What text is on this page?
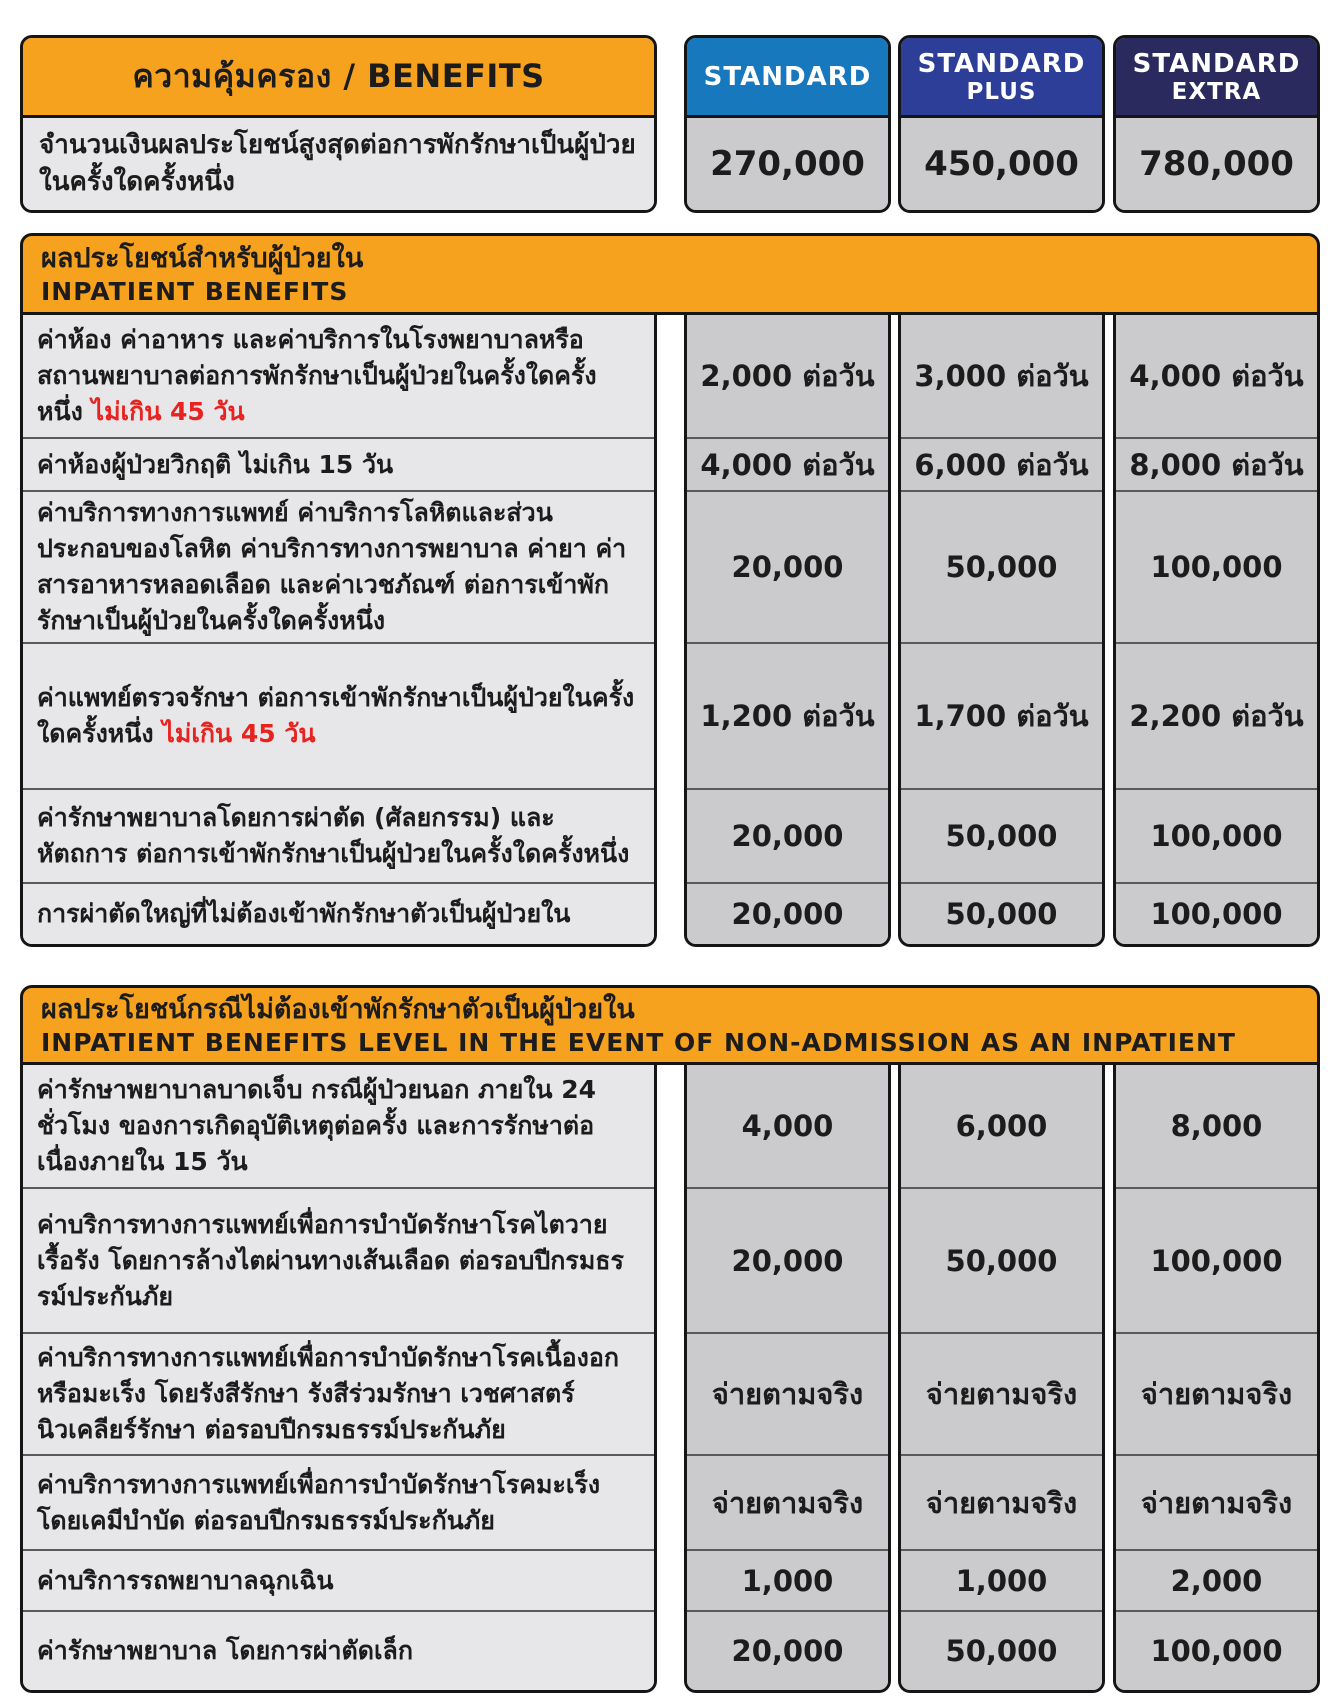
ความคุ้มครอง / BENEFITS
จำนวนเงินผลประโยชน์สูงสุดต่อการพักรักษาเป็นผู้ป่วยในครั้งใดครั้งหนึ่ง
STANDARD
270,000
STANDARD
PLUS
450,000
STANDARD
EXTRA
780,000
ผลประโยชน์สำหรับผู้ป่วยใน
INPATIENT BENEFITS
ค่าห้อง ค่าอาหาร และค่าบริการในโรงพยาบาลหรือสถานพยาบาลต่อการพักรักษาเป็นผู้ป่วยในครั้งใดครั้งหนึ่ง ไม่เกิน 45 วัน
ค่าห้องผู้ป่วยวิกฤติ ไม่เกิน 15 วัน
ค่าบริการทางการแพทย์ ค่าบริการโลหิตและส่วนประกอบของโลหิต ค่าบริการทางการพยาบาล ค่ายา ค่าสารอาหารหลอดเลือด และค่าเวชภัณฑ์ ต่อการเข้าพักรักษาเป็นผู้ป่วยในครั้งใดครั้งหนึ่ง
ค่าแพทย์ตรวจรักษา ต่อการเข้าพักรักษาเป็นผู้ป่วยในครั้งใดครั้งหนึ่ง ไม่เกิน 45 วัน
ค่ารักษาพยาบาลโดยการผ่าตัด (ศัลยกรรม) และหัตถการ ต่อการเข้าพักรักษาเป็นผู้ป่วยในครั้งใดครั้งหนึ่ง
การผ่าตัดใหญ่ที่ไม่ต้องเข้าพักรักษาตัวเป็นผู้ป่วยใน
2,000 ต่อวัน
4,000 ต่อวัน
20,000
1,200 ต่อวัน
20,000
20,000
3,000 ต่อวัน
6,000 ต่อวัน
50,000
1,700 ต่อวัน
50,000
50,000
4,000 ต่อวัน
8,000 ต่อวัน
100,000
2,200 ต่อวัน
100,000
100,000
ผลประโยชน์กรณีไม่ต้องเข้าพักรักษาตัวเป็นผู้ป่วยใน
INPATIENT BENEFITS LEVEL IN THE EVENT OF NON-ADMISSION AS AN INPATIENT
ค่ารักษาพยาบาลบาดเจ็บ กรณีผู้ป่วยนอก ภายใน 24 ชั่วโมง ของการเกิดอุบัติเหตุต่อครั้ง และการรักษาต่อเนื่องภายใน 15 วัน
ค่าบริการทางการแพทย์เพื่อการบำบัดรักษาโรคไตวายเรื้อรัง โดยการล้างไตผ่านทางเส้นเลือด ต่อรอบปีกรมธรรม์ประกันภัย
ค่าบริการทางการแพทย์เพื่อการบำบัดรักษาโรคเนื้องอกหรือมะเร็ง โดยรังสีรักษา รังสีร่วมรักษา เวชศาสตร์นิวเคลียร์รักษา ต่อรอบปีกรมธรรม์ประกันภัย
ค่าบริการทางการแพทย์เพื่อการบำบัดรักษาโรคมะเร็งโดยเคมีบำบัด ต่อรอบปีกรมธรรม์ประกันภัย
ค่าบริการรถพยาบาลฉุกเฉิน
ค่ารักษาพยาบาล โดยการผ่าตัดเล็ก
4,000
20,000
จ่ายตามจริง
จ่ายตามจริง
1,000
20,000
6,000
50,000
จ่ายตามจริง
จ่ายตามจริง
1,000
50,000
8,000
100,000
จ่ายตามจริง
จ่ายตามจริง
2,000
100,000
